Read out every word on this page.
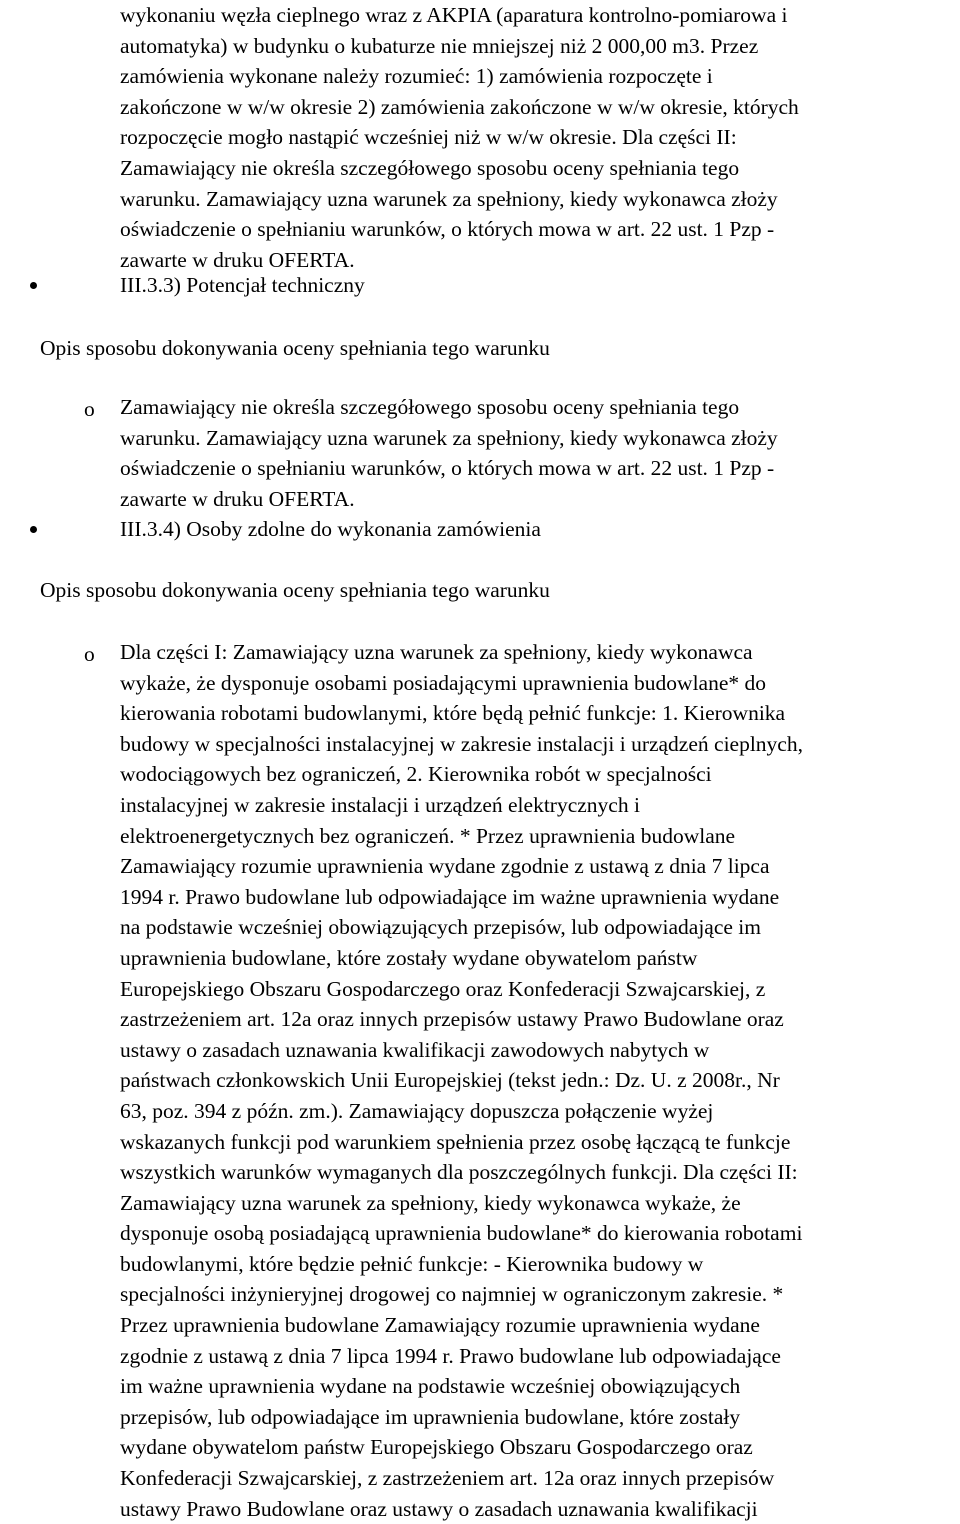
wykonaniu węzła cieplnego wraz z AKPIA (aparatura kontrolno-pomiarowa i
automatyka) w budynku o kubaturze nie mniejszej niż 2 000,00 m3. Przez
zamówienia wykonane należy rozumieć: 1) zamówienia rozpoczęte i
zakończone w w/w okresie 2) zamówienia zakończone w w/w okresie, których
rozpoczęcie mogło nastąpić wcześniej niż w w/w okresie. Dla części II:
Zamawiający nie określa szczegółowego sposobu oceny spełniania tego
warunku. Zamawiający uzna warunek za spełniony, kiedy wykonawca złoży
oświadczenie o spełnianiu warunków, o których mowa w art. 22 ust. 1 Pzp -
zawarte w druku OFERTA.
III.3.3) Potencjał techniczny
Opis sposobu dokonywania oceny spełniania tego warunku
o Zamawiający nie określa szczegółowego sposobu oceny spełniania tego
warunku. Zamawiający uzna warunek za spełniony, kiedy wykonawca złoży
oświadczenie o spełnianiu warunków, o których mowa w art. 22 ust. 1 Pzp -
zawarte w druku OFERTA.
III.3.4) Osoby zdolne do wykonania zamówienia
Opis sposobu dokonywania oceny spełniania tego warunku
o Dla części I: Zamawiający uzna warunek za spełniony, kiedy wykonawca
wykaże, że dysponuje osobami posiadającymi uprawnienia budowlane* do
kierowania robotami budowlanymi, które będą pełnić funkcje: 1. Kierownika
budowy w specjalności instalacyjnej w zakresie instalacji i urządzeń cieplnych,
wodociągowych bez ograniczeń, 2. Kierownika robót w specjalności
instalacyjnej w zakresie instalacji i urządzeń elektrycznych i
elektroenergetycznych bez ograniczeń. * Przez uprawnienia budowlane
Zamawiający rozumie uprawnienia wydane zgodnie z ustawą z dnia 7 lipca
1994 r. Prawo budowlane lub odpowiadające im ważne uprawnienia wydane
na podstawie wcześniej obowiązujących przepisów, lub odpowiadające im
uprawnienia budowlane, które zostały wydane obywatelom państw
Europejskiego Obszaru Gospodarczego oraz Konfederacji Szwajcarskiej, z
zastrzeżeniem art. 12a oraz innych przepisów ustawy Prawo Budowlane oraz
ustawy o zasadach uznawania kwalifikacji zawodowych nabytych w
państwach członkowskich Unii Europejskiej (tekst jedn.: Dz. U. z 2008r., Nr
63, poz. 394 z późn. zm.). Zamawiający dopuszcza połączenie wyżej
wskazanych funkcji pod warunkiem spełnienia przez osobę łączącą te funkcje
wszystkich warunków wymaganych dla poszczególnych funkcji. Dla części II:
Zamawiający uzna warunek za spełniony, kiedy wykonawca wykaże, że
dysponuje osobą posiadającą uprawnienia budowlane* do kierowania robotami
budowlanymi, które będzie pełnić funkcje: - Kierownika budowy w
specjalności inżynieryjnej drogowej co najmniej w ograniczonym zakresie. *
Przez uprawnienia budowlane Zamawiający rozumie uprawnienia wydane
zgodnie z ustawą z dnia 7 lipca 1994 r. Prawo budowlane lub odpowiadające
im ważne uprawnienia wydane na podstawie wcześniej obowiązujących
przepisów, lub odpowiadające im uprawnienia budowlane, które zostały
wydane obywatelom państw Europejskiego Obszaru Gospodarczego oraz
Konfederacji Szwajcarskiej, z zastrzeżeniem art. 12a oraz innych przepisów
ustawy Prawo Budowlane oraz ustawy o zasadach uznawania kwalifikacji
